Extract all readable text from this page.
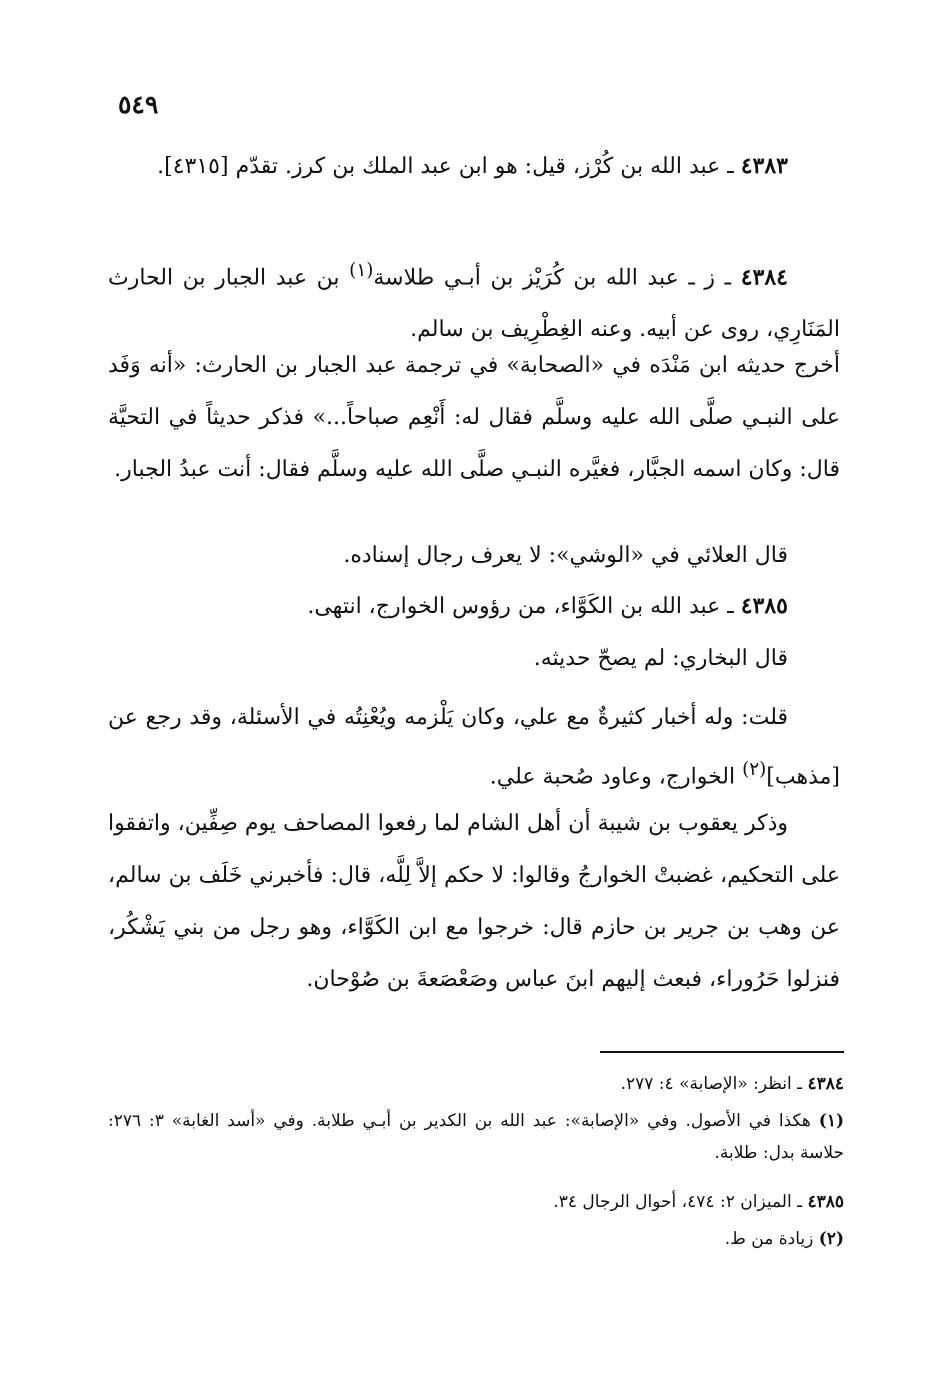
٥٤٩

٤٣٨٣ ـ عبد الله بن كُرْز، قيل: هو ابن عبد الملك بن كرز. تقدّم [٤٣١٥].

٤٣٨٤ ـ ز ـ عبد الله بن كُرَيْز بن أبـي طلاسة$^{(١)}$ بن عبد الجبار بن الحارث المَنَارِي، روى عن أبيه. وعنه الغِطْرِيف بن سالم.

أخرج حديثه ابن مَنْدَه في «الصحابة» في ترجمة عبد الجبار بن الحارث: «أنه وَفَد على النبـي صلَّى الله عليه وسلَّم فقال له: أَنْعِم صباحاً...» فذكر حديثاً في التحيَّة قال: وكان اسمه الجبَّار، فغيَّره النبـي صلَّى الله عليه وسلَّم فقال: أنت عبدُ الجبار.

قال العلائي في «الوشي»: لا يعرف رجال إسناده.

٤٣٨٥ ـ عبد الله بن الكَوَّاء، من رؤوس الخوارج، انتهى.

قال البخاري: لم يصحّ حديثه.

قلت: وله أخبار كثيرةٌ مع علي، وكان يَلْزمه ويُعْنِتُه في الأسئلة، وقد رجع عن [مذهب]$^{(٢)}$ الخوارج، وعاود صُحبة علي.

وذكر يعقوب بن شيبة أن أهل الشام لما رفعوا المصاحف يوم صِفِّين، واتفقوا على التحكيم، غضبتْ الخوارجُ وقالوا: لا حكم إلاَّ لِلَّه، قال: فأخبرني خَلَف بن سالم، عن وهب بن جرير بن حازم قال: خرجوا مع ابن الكَوَّاء، وهو رجل من بني يَشْكُر، فنزلوا حَرُوراء، فبعث إليهم ابنَ عباس وصَعْصَعةَ بن صُوْحان.

٤٣٨٤ ـ انظر: «الإصابة» ٤: ٢٧٧.
(١) هكذا في الأصول. وفي «الإصابة»: عبد الله بن الكدير بن أبـي طلابة. وفي «أسد الغابة» ٣: ٢٧٦: حلاسة بدل: طلابة.
٤٣٨٥ ـ الميزان ٢: ٤٧٤، أحوال الرجال ٣٤.
(٢) زيادة من ط.
